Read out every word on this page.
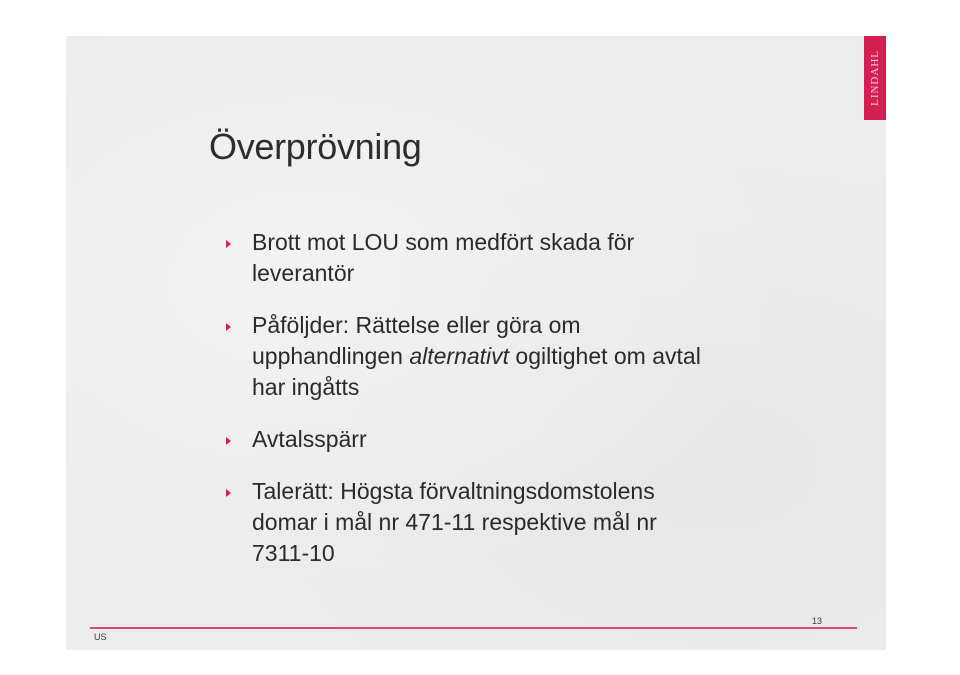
LINDAHL
Överprövning
Brott mot LOU som medfört skada för
leverantör
Påföljder: Rättelse eller göra om
upphandlingen alternativt ogiltighet om avtal
har ingåtts
Avtalsspärr
Talerätt: Högsta förvaltningsdomstolens
domar i mål nr 471-11 respektive mål nr
7311-10
US
13
